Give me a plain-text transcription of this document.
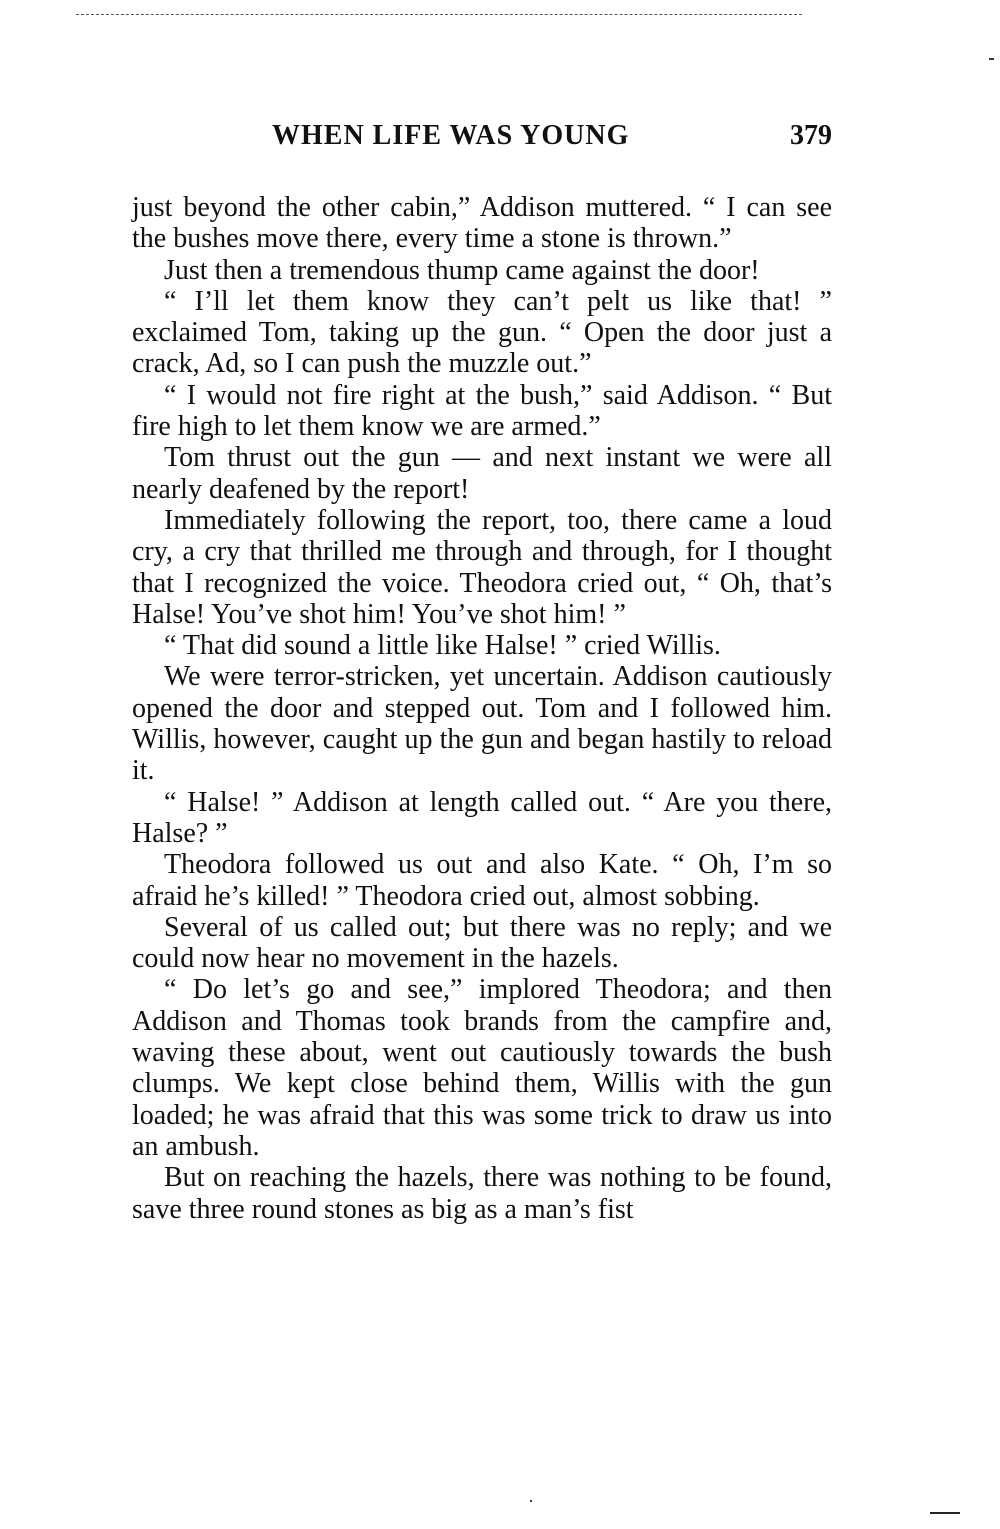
WHEN LIFE WAS YOUNG	379

just beyond the other cabin,” Addison muttered. “ I can see the bushes move there, every time a stone is thrown.”

Just then a tremendous thump came against the door!

“ I’ll let them know they can’t pelt us like that! ” exclaimed Tom, taking up the gun. “ Open the door just a crack, Ad, so I can push the muzzle out.”

“ I would not fire right at the bush,” said Addison. “ But fire high to let them know we are armed.”

Tom thrust out the gun — and next instant we were all nearly deafened by the report!

Immediately following the report, too, there came a loud cry, a cry that thrilled me through and through, for I thought that I recognized the voice. Theodora cried out, “ Oh, that’s Halse! You’ve shot him! You’ve shot him! ”

“ That did sound a little like Halse! ” cried Willis.

We were terror-stricken, yet uncertain. Addison cautiously opened the door and stepped out. Tom and I followed him. Willis, however, caught up the gun and began hastily to reload it.

“ Halse! ” Addison at length called out. “ Are you there, Halse? ”

Theodora followed us out and also Kate. “ Oh, I’m so afraid he’s killed! ” Theodora cried out, almost sobbing.

Several of us called out; but there was no reply; and we could now hear no movement in the hazels.

“ Do let’s go and see,” implored Theodora; and then Addison and Thomas took brands from the campfire and, waving these about, went out cautiously towards the bush clumps. We kept close behind them, Willis with the gun loaded; he was afraid that this was some trick to draw us into an ambush.

But on reaching the hazels, there was nothing to be found, save three round stones as big as a man’s fist
